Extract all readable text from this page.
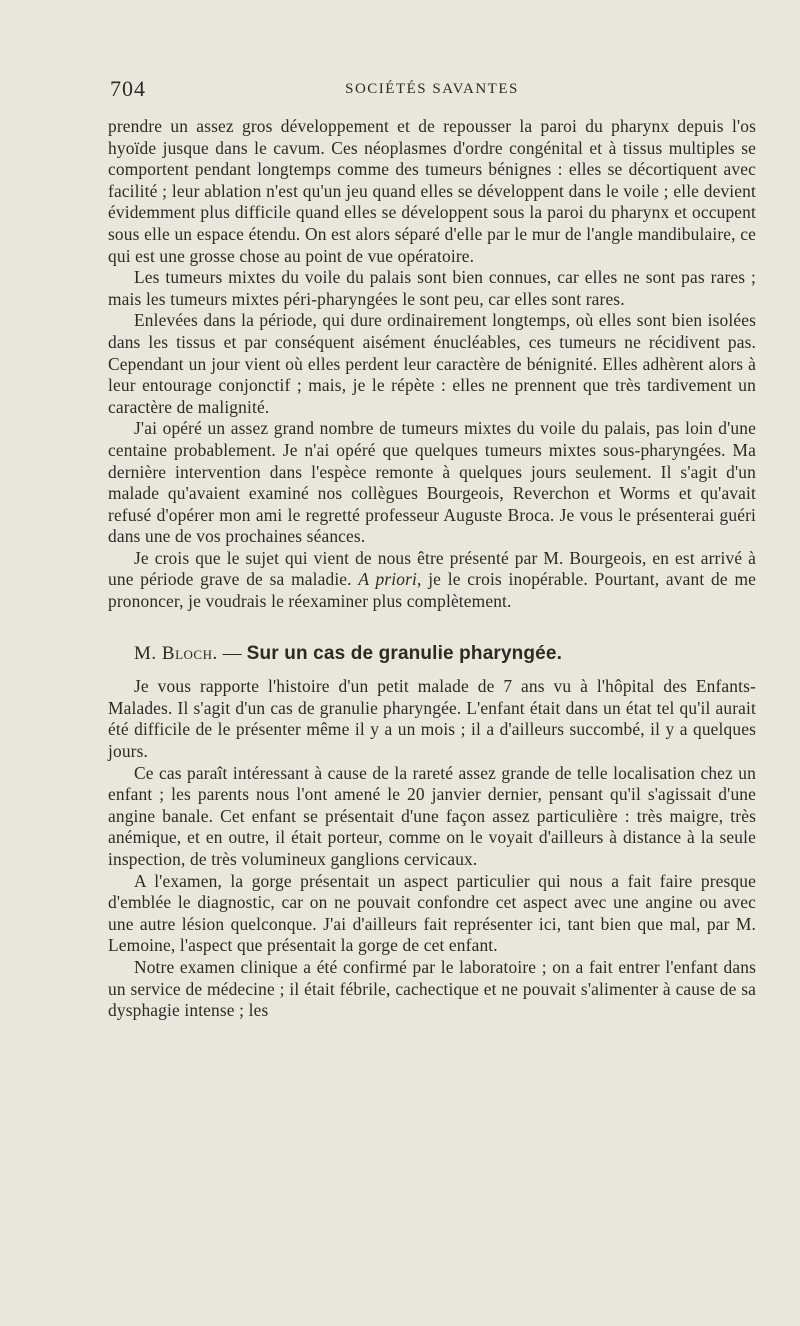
704	SOCIÉTÉS SAVANTES

prendre un assez gros développement et de repousser la paroi du pharynx depuis l'os hyoïde jusque dans le cavum. Ces néoplasmes d'ordre congénital et à tissus multiples se comportent pendant longtemps comme des tumeurs bénignes : elles se décortiquent avec facilité ; leur ablation n'est qu'un jeu quand elles se développent dans le voile ; elle devient évidemment plus difficile quand elles se développent sous la paroi du pharynx et occupent sous elle un espace étendu. On est alors séparé d'elle par le mur de l'angle mandibulaire, ce qui est une grosse chose au point de vue opératoire.

Les tumeurs mixtes du voile du palais sont bien connues, car elles ne sont pas rares ; mais les tumeurs mixtes péri-pharyngées le sont peu, car elles sont rares.

Enlevées dans la période, qui dure ordinairement longtemps, où elles sont bien isolées dans les tissus et par conséquent aisément énucléables, ces tumeurs ne récidivent pas. Cependant un jour vient où elles perdent leur caractère de bénignité. Elles adhèrent alors à leur entourage conjonctif ; mais, je le répète : elles ne prennent que très tardivement un caractère de malignité.

J'ai opéré un assez grand nombre de tumeurs mixtes du voile du palais, pas loin d'une centaine probablement. Je n'ai opéré que quelques tumeurs mixtes sous-pharyngées. Ma dernière intervention dans l'espèce remonte à quelques jours seulement. Il s'agit d'un malade qu'avaient examiné nos collègues Bourgeois, Reverchon et Worms et qu'avait refusé d'opérer mon ami le regretté professeur Auguste Broca. Je vous le présenterai guéri dans une de vos prochaines séances.

Je crois que le sujet qui vient de nous être présenté par M. Bourgeois, en est arrivé à une période grave de sa maladie. A priori, je le crois inopérable. Pourtant, avant de me prononcer, je voudrais le réexaminer plus complètement.

M. Bloch. — Sur un cas de granulie pharyngée.

Je vous rapporte l'histoire d'un petit malade de 7 ans vu à l'hôpital des Enfants-Malades. Il s'agit d'un cas de granulie pharyngée. L'enfant était dans un état tel qu'il aurait été difficile de le présenter même il y a un mois ; il a d'ailleurs succombé, il y a quelques jours.

Ce cas paraît intéressant à cause de la rareté assez grande de telle localisation chez un enfant ; les parents nous l'ont amené le 20 janvier dernier, pensant qu'il s'agissait d'une angine banale. Cet enfant se présentait d'une façon assez particulière : très maigre, très anémique, et en outre, il était porteur, comme on le voyait d'ailleurs à distance à la seule inspection, de très volumineux ganglions cervicaux.

A l'examen, la gorge présentait un aspect particulier qui nous a fait faire presque d'emblée le diagnostic, car on ne pouvait confondre cet aspect avec une angine ou avec une autre lésion quelconque. J'ai d'ailleurs fait représenter ici, tant bien que mal, par M. Lemoine, l'aspect que présentait la gorge de cet enfant.

Notre examen clinique a été confirmé par le laboratoire ; on a fait entrer l'enfant dans un service de médecine ; il était fébrile, cachectique et ne pouvait s'alimenter à cause de sa dysphagie intense ; les
